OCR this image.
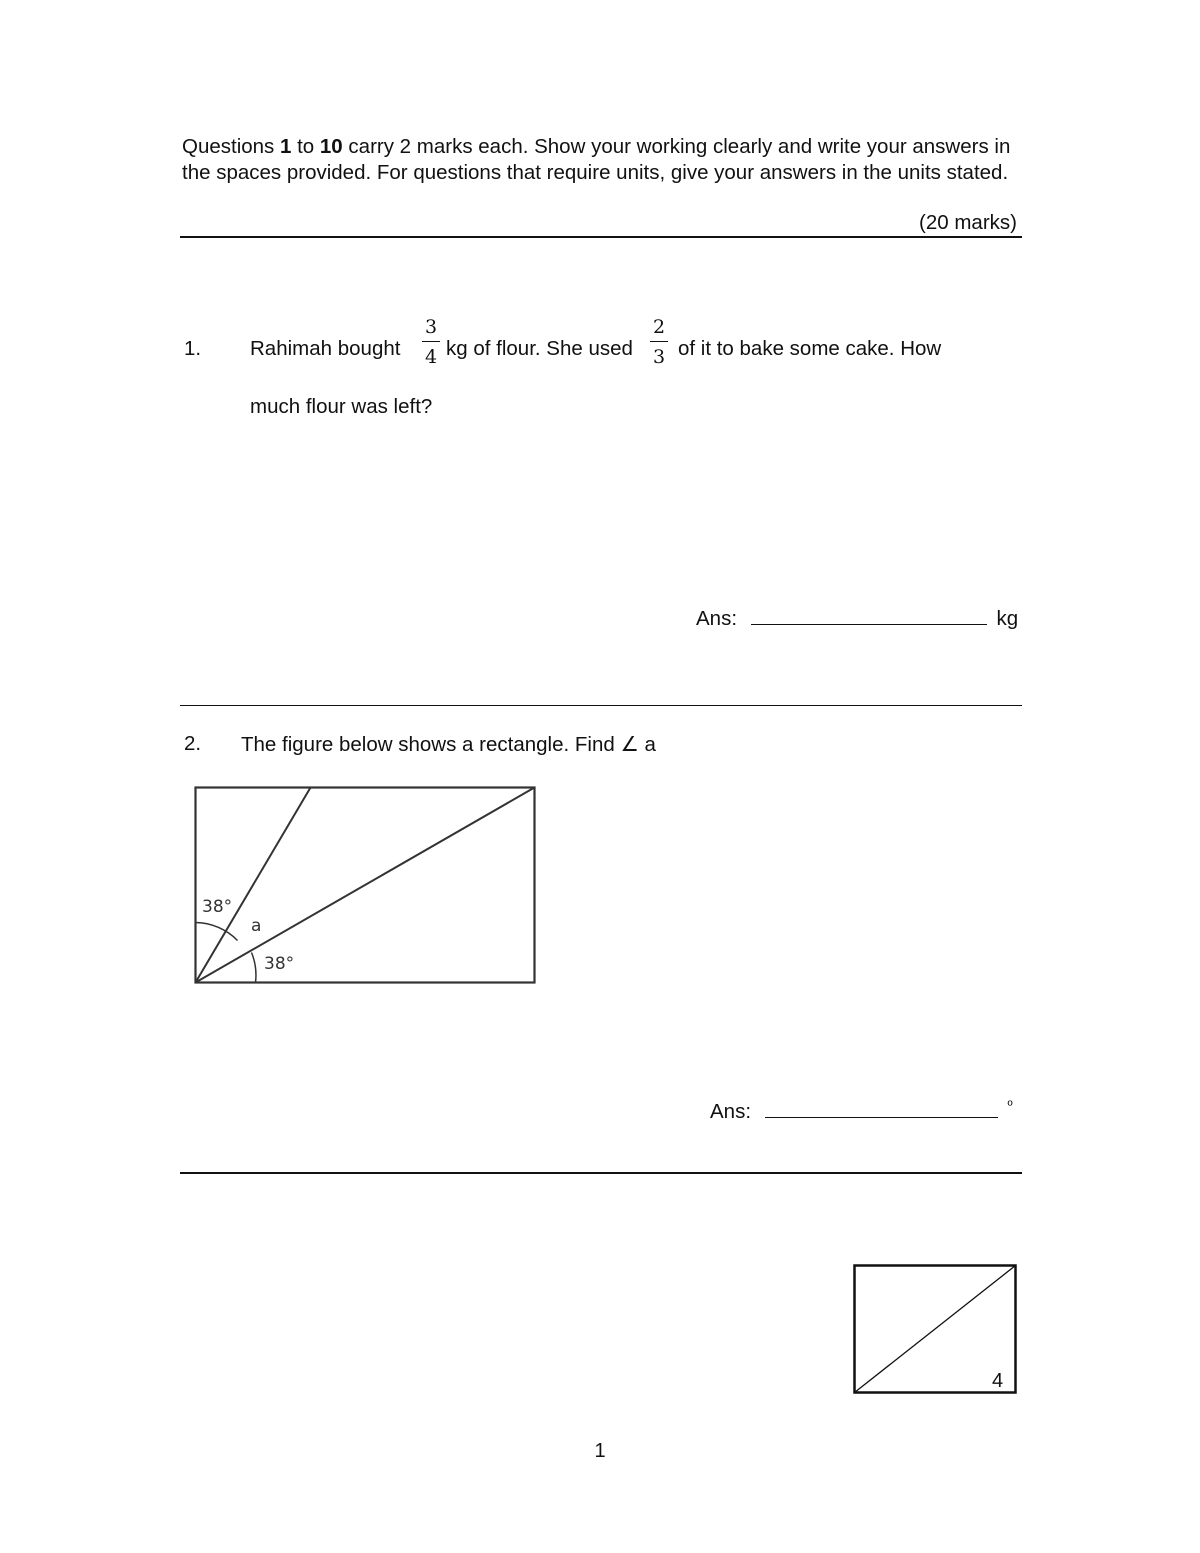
Questions 1 to 10 carry 2 marks each. Show your working clearly and write your answers in the spaces provided. For questions that require units, give your answers in the units stated.
(20 marks)
1. Rahimah bought
3
4 kg of flour. She used
2
3 of it to bake some cake. How
much flour was left?
Ans:	kg
2. The figure below shows a rectangle. Find ∠ a
38°
a
38°
Ans:	$^º$
4
1
